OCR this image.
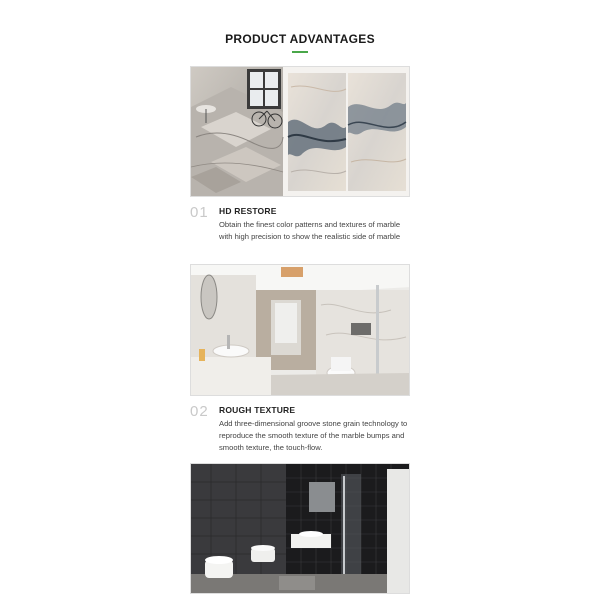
PRODUCT ADVANTAGES
01 HD RESTORE
Obtain the finest color patterns and textures of marble with high precision to show the realistic side of marble
02 ROUGH TEXTURE
Add three-dimensional groove stone grain technology to reproduce the smooth texture of the marble bumps and smooth texture, the touch-flow.
